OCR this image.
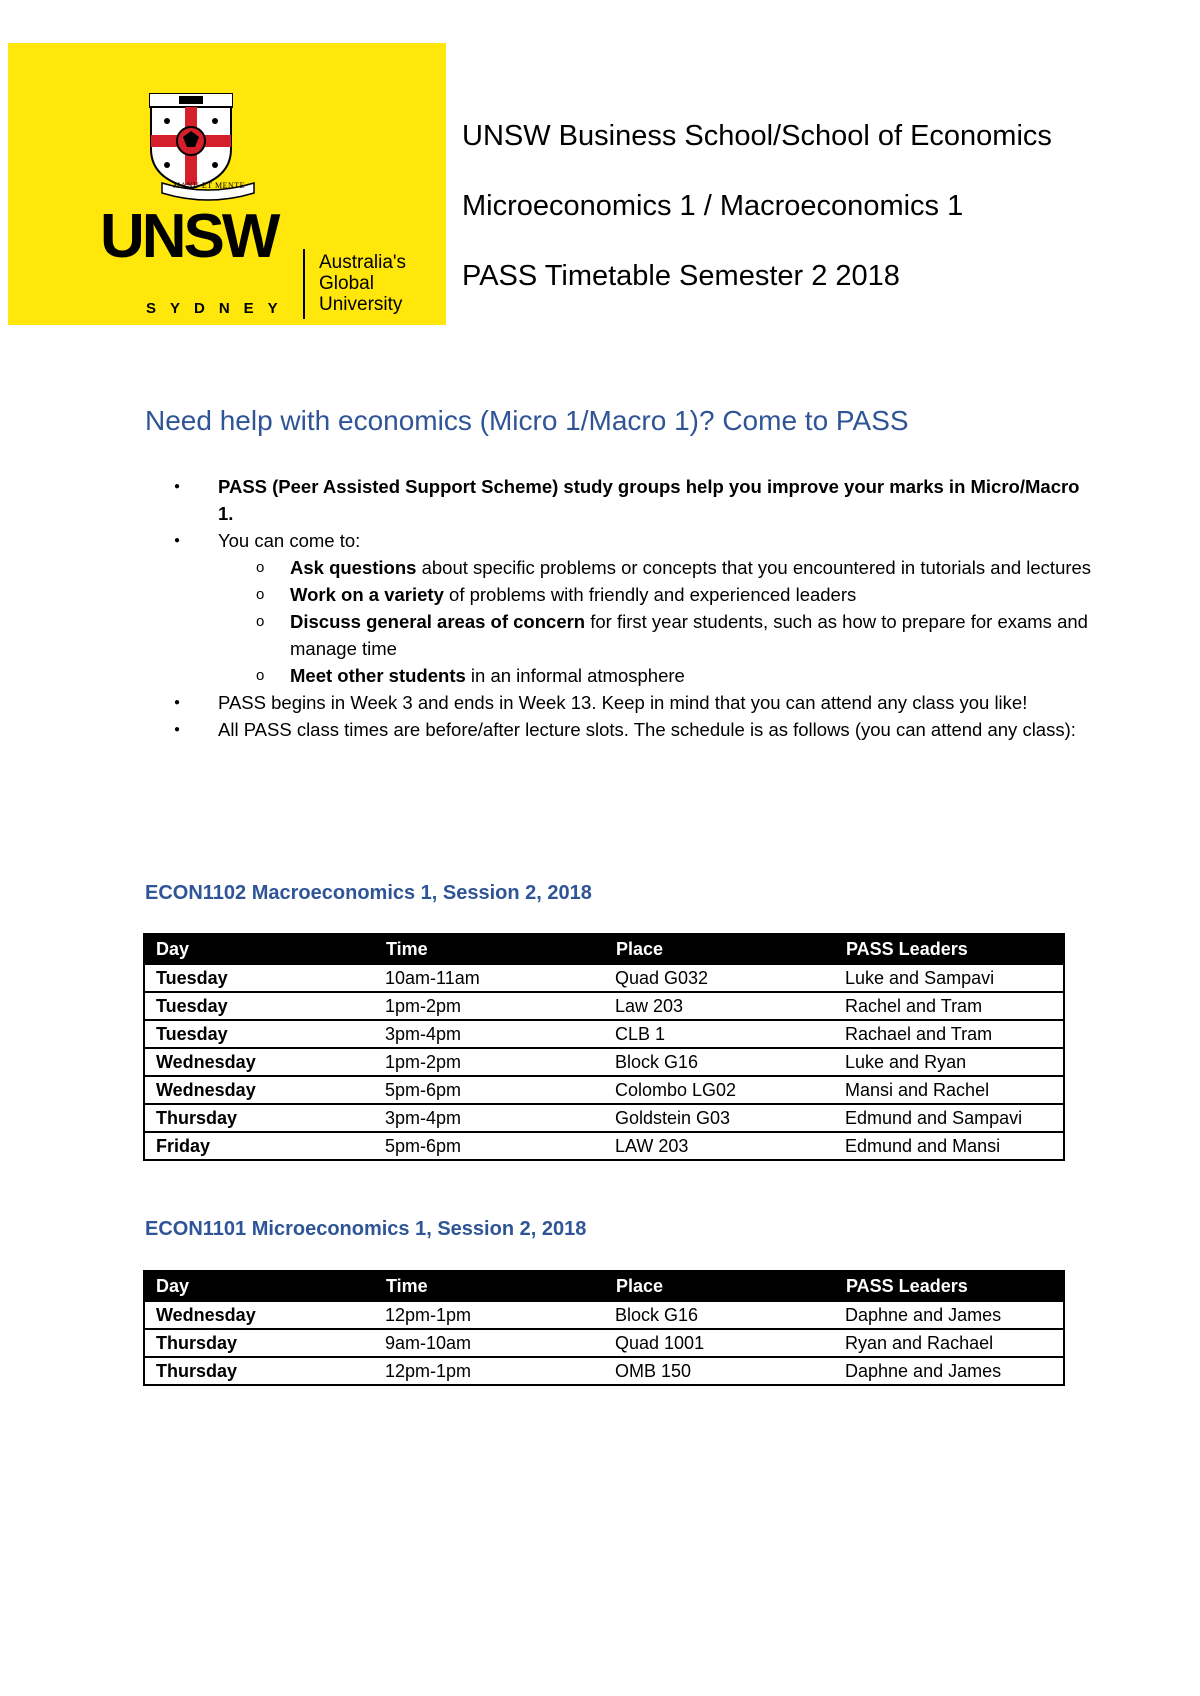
MANU ET MENTE
UNSW
SYDNEY
Australia's
Global
University
UNSW Business School/School of Economics
Microeconomics 1 / Macroeconomics 1
PASS Timetable Semester 2 2018
Need help with economics (Micro 1/Macro 1)? Come to PASS
● PASS (Peer Assisted Support Scheme) study groups help you improve your marks in Micro/Macro 1.
● You can come to:
o Ask questions about specific problems or concepts that you encountered in tutorials and lectures
o Work on a variety of problems with friendly and experienced leaders
o Discuss general areas of concern for first year students, such as how to prepare for exams and manage time
o Meet other students in an informal atmosphere
● PASS begins in Week 3 and ends in Week 13. Keep in mind that you can attend any class you like!
● All PASS class times are before/after lecture slots. The schedule is as follows (you can attend any class):
ECON1102 Macroeconomics 1, Session 2, 2018
Day	Time	Place	PASS Leaders
Tuesday	10am-11am	Quad G032	Luke and Sampavi
Tuesday	1pm-2pm	Law 203	Rachel and Tram
Tuesday	3pm-4pm	CLB 1	Rachael and Tram
Wednesday	1pm-2pm	Block G16	Luke and Ryan
Wednesday	5pm-6pm	Colombo LG02	Mansi and Rachel
Thursday	3pm-4pm	Goldstein G03	Edmund and Sampavi
Friday	5pm-6pm	LAW 203	Edmund and Mansi
ECON1101 Microeconomics 1, Session 2, 2018
Day	Time	Place	PASS Leaders
Wednesday	12pm-1pm	Block G16	Daphne and James
Thursday	9am-10am	Quad 1001	Ryan and Rachael
Thursday	12pm-1pm	OMB 150	Daphne and James
